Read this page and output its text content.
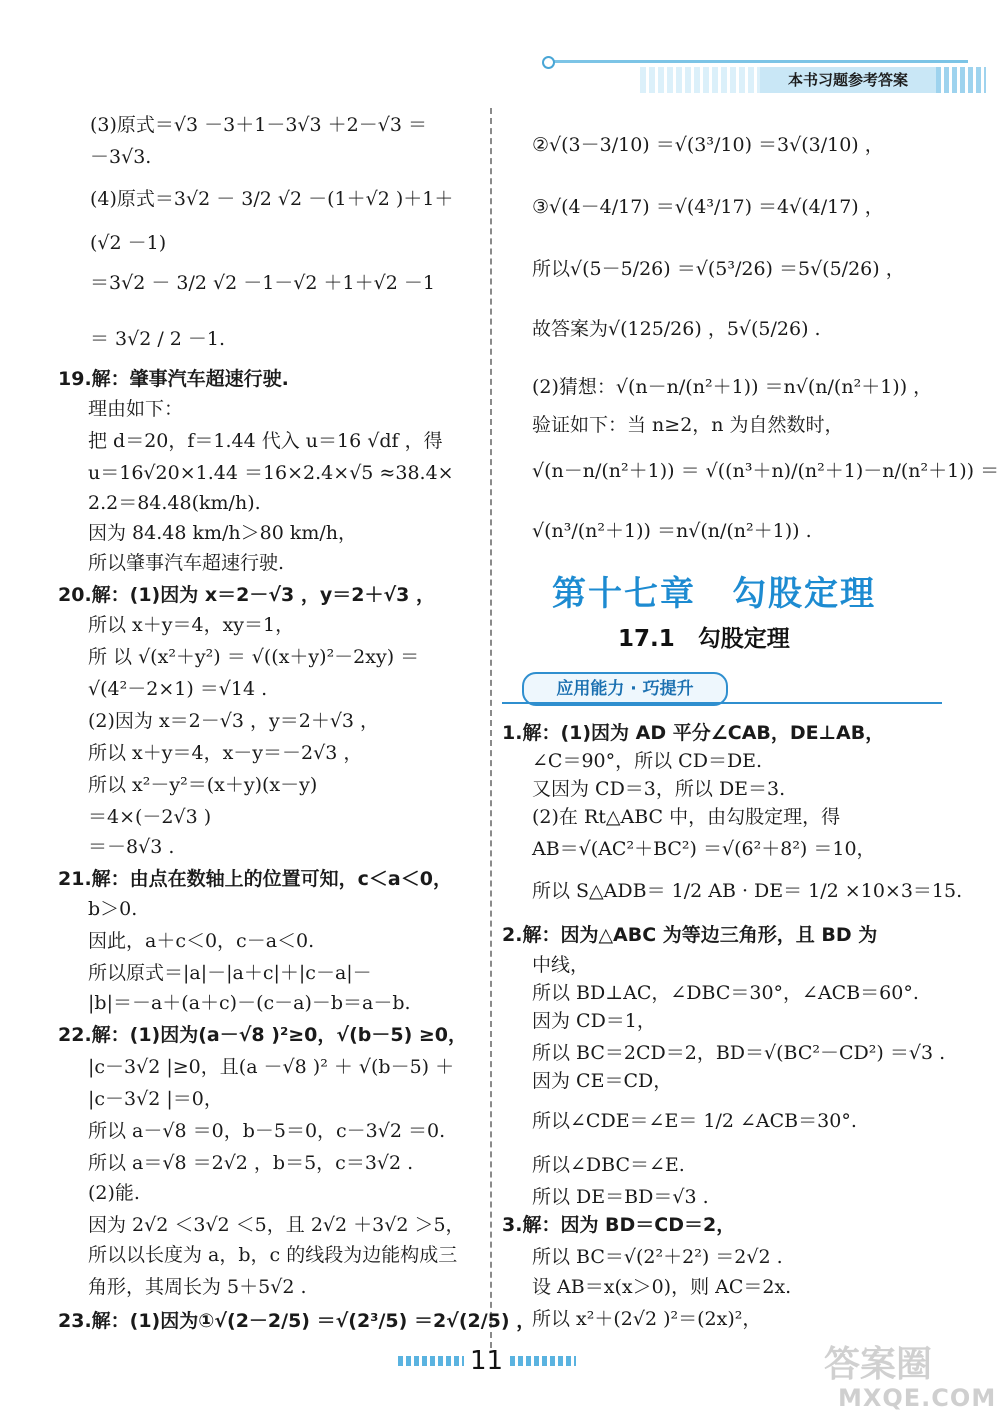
本书习题参考答案
(3)原式＝√3 －3＋1－3√3 ＋2－√3 ＝
－3√3.
(4)原式＝3√2 － 3/2 √2 －(1＋√2 )＋1＋
(√2 －1)
＝3√2 － 3/2 √2 －1－√2 ＋1＋√2 －1
＝ 3√2 / 2 －1.
19.解：肇事汽车超速行驶.
理由如下：
把 d＝20，f＝1.44 代入 u＝16 √df ，得
u＝16√20×1.44 ＝16×2.4×√5 ≈38.4×
2.2＝84.48(km/h).
因为 84.48 km/h＞80 km/h，
所以肇事汽车超速行驶.
20.解：(1)因为 x＝2－√3 ，y＝2＋√3 ，
所以 x＋y＝4，xy＝1，
所 以 √(x²＋y²) ＝ √((x＋y)²－2xy) ＝
√(4²－2×1) ＝√14 .
(2)因为 x＝2－√3 ，y＝2＋√3 ，
所以 x＋y＝4，x－y＝－2√3 ，
所以 x²－y²＝(x＋y)(x－y)
＝4×(－2√3 )
＝－8√3 .
21.解：由点在数轴上的位置可知，c＜a＜0，
b＞0.
因此，a＋c＜0，c－a＜0.
所以原式＝|a|－|a＋c|＋|c－a|－
|b|＝－a＋(a＋c)－(c－a)－b＝a－b.
22.解：(1)因为(a－√8 )²≥0，√(b－5) ≥0，
|c－3√2 |≥0，且(a －√8 )² ＋ √(b－5) ＋
|c－3√2 |＝0，
所以 a－√8 ＝0，b－5＝0，c－3√2 ＝0.
所以 a＝√8 ＝2√2 ，b＝5，c＝3√2 .
(2)能.
因为 2√2 ＜3√2 ＜5，且 2√2 ＋3√2 ＞5，
所以以长度为 a，b，c 的线段为边能构成三
角形，其周长为 5＋5√2 .
23.解：(1)因为①√(2－2/5) ＝√(2³/5) ＝2√(2/5) ，
②√(3－3/10) ＝√(3³/10) ＝3√(3/10) ，
③√(4－4/17) ＝√(4³/17) ＝4√(4/17) ，
所以√(5－5/26) ＝√(5³/26) ＝5√(5/26) ，
故答案为√(125/26) ，5√(5/26) .
(2)猜想：√(n－n/(n²＋1)) ＝n√(n/(n²＋1)) ，
验证如下：当 n≥2，n 为自然数时，
√(n－n/(n²＋1)) ＝ √((n³＋n)/(n²＋1)－n/(n²＋1)) ＝
√(n³/(n²＋1)) ＝n√(n/(n²＋1)) .
1.解：(1)因为 AD 平分∠CAB，DE⊥AB，
∠C＝90°，所以 CD＝DE.
又因为 CD＝3，所以 DE＝3.
(2)在 Rt△ABC 中，由勾股定理，得
AB＝√(AC²＋BC²) ＝√(6²＋8²) ＝10，
所以 S△ADB＝ 1/2 AB · DE＝ 1/2 ×10×3＝15.
2.解：因为△ABC 为等边三角形，且 BD 为
中线，
所以 BD⊥AC，∠DBC＝30°，∠ACB＝60°.
因为 CD＝1，
所以 BC＝2CD＝2，BD＝√(BC²－CD²) ＝√3 .
因为 CE＝CD，
所以∠CDE＝∠E＝ 1/2 ∠ACB＝30°.
所以∠DBC＝∠E.
所以 DE＝BD＝√3 .
3.解：因为 BD＝CD＝2，
所以 BC＝√(2²＋2²) ＝2√2 .
设 AB＝x(x＞0)，则 AC＝2x.
所以 x²＋(2√2 )²＝(2x)²，
第十七章　勾股定理
17.1　勾股定理
应用能力 · 巧提升
11	答案圈
MXQE.COM
